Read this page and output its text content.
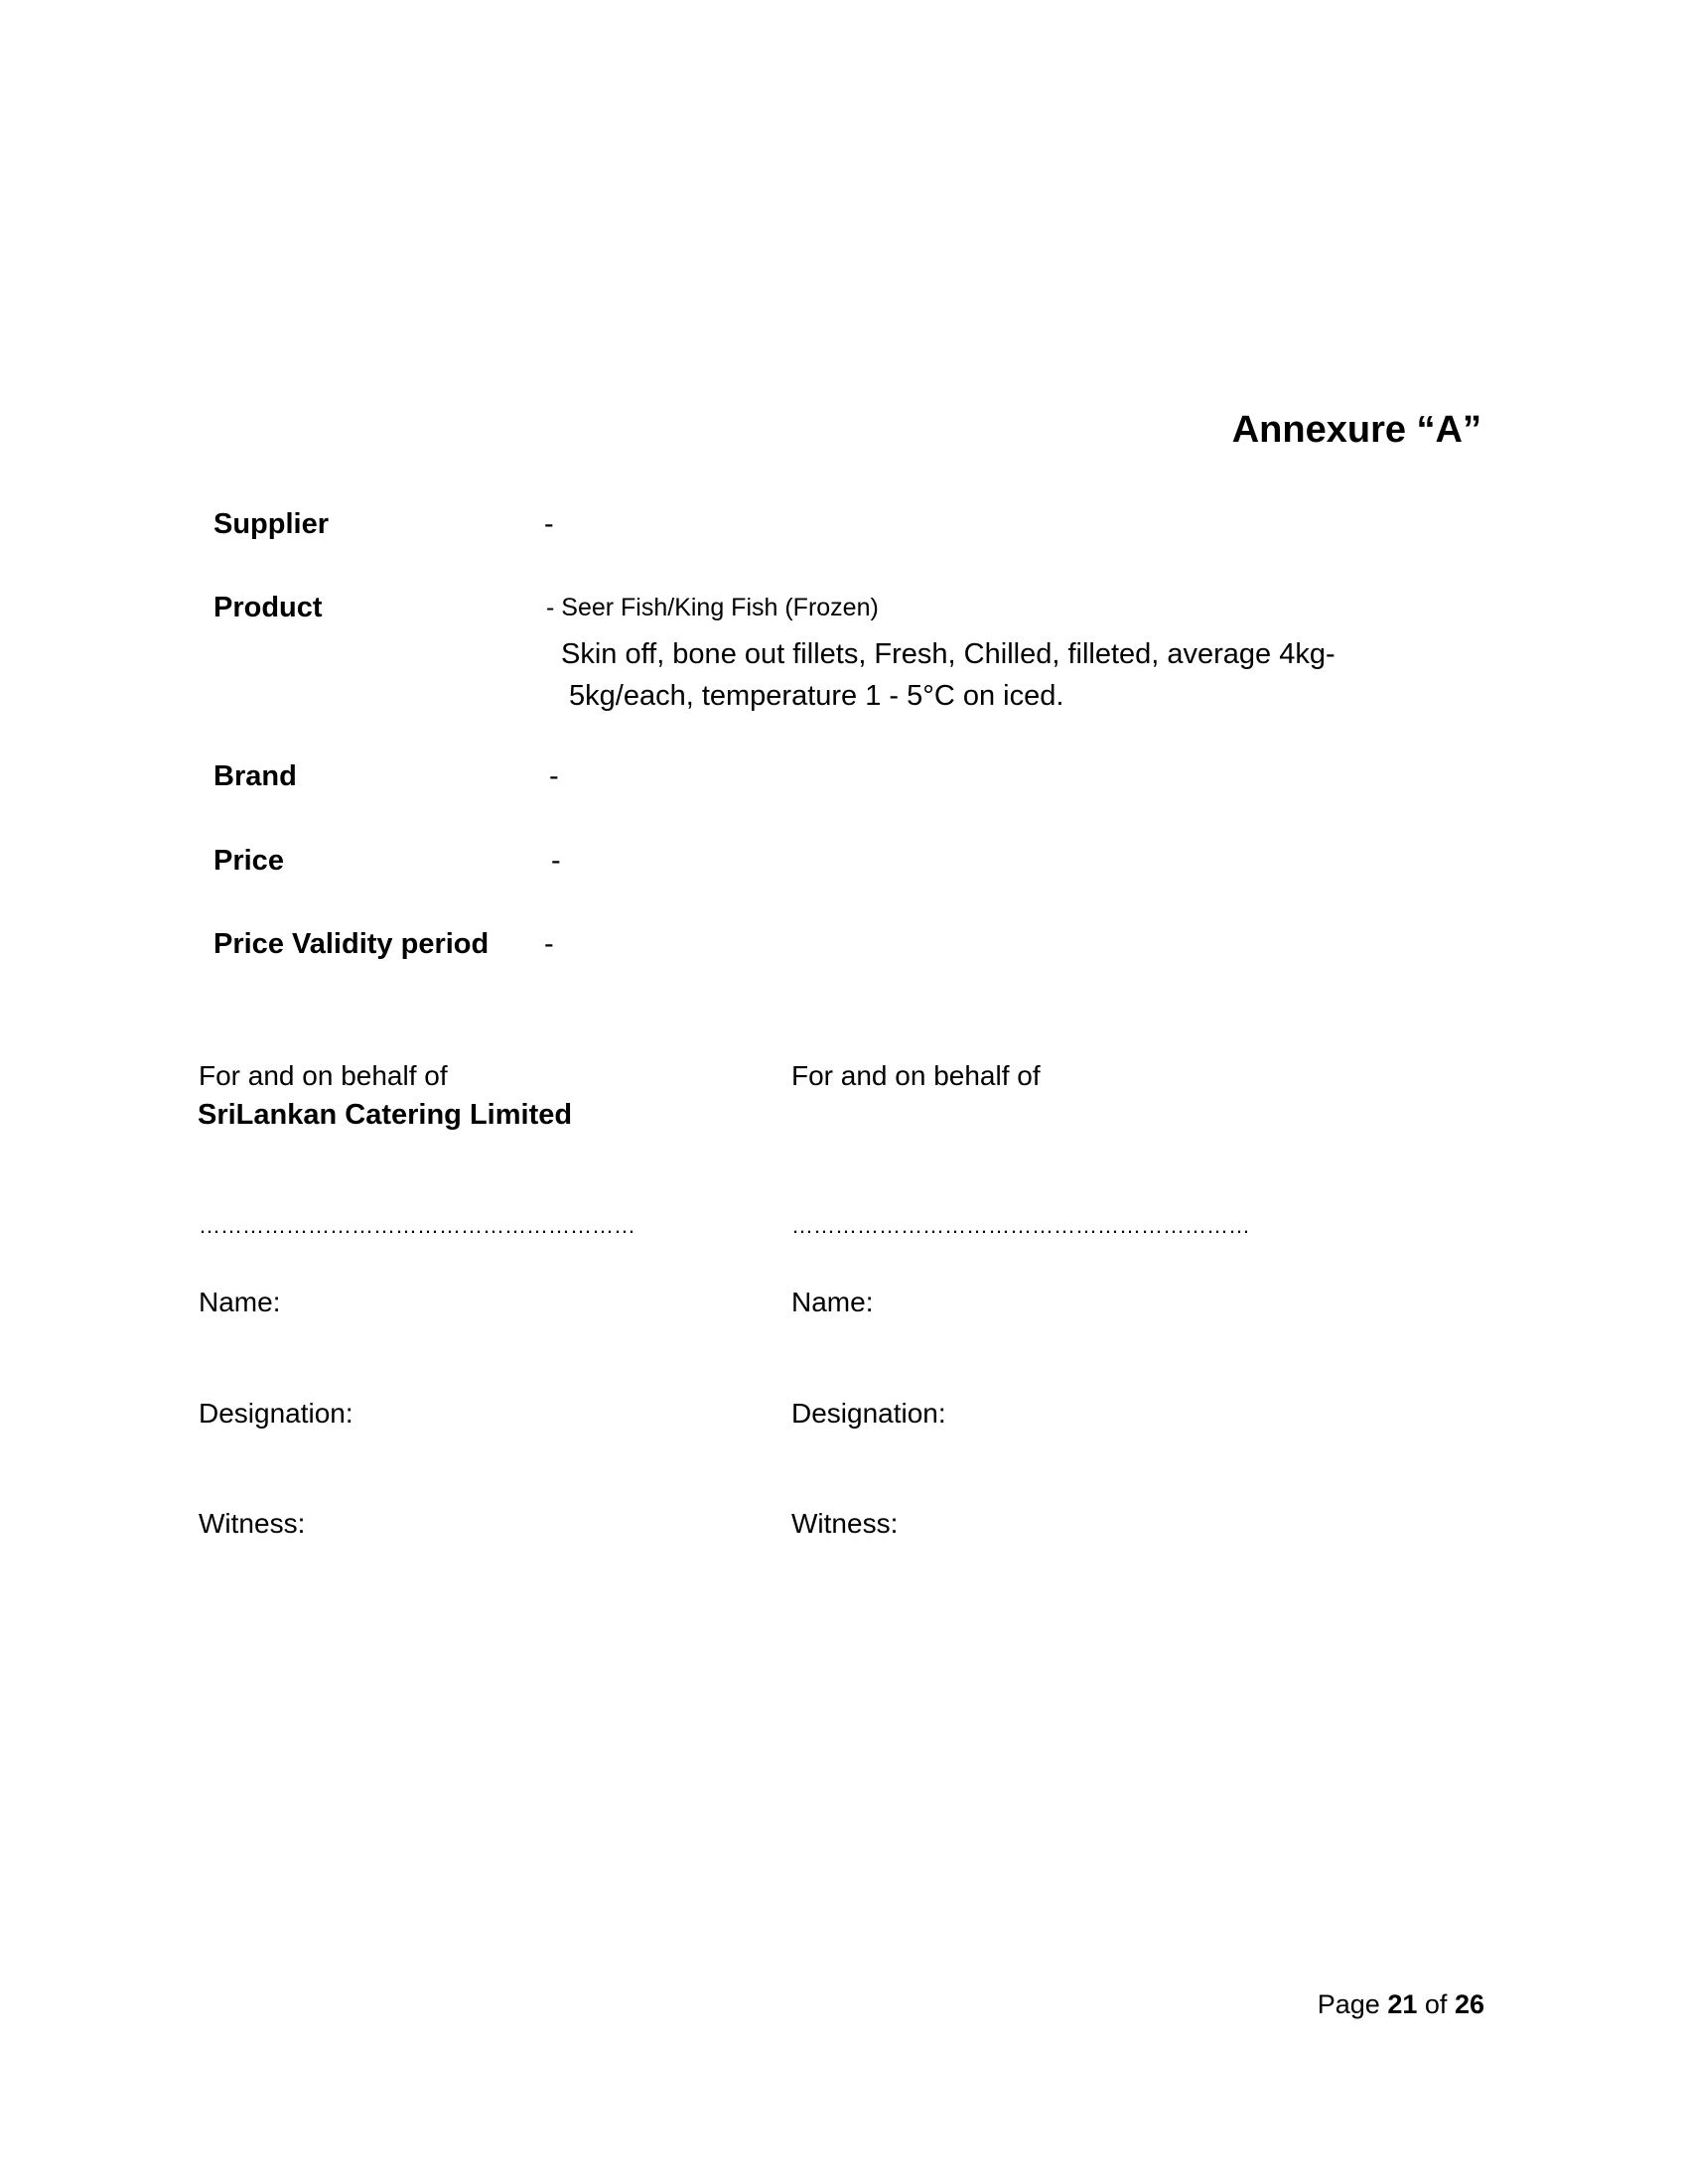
Annexure “A”
Supplier	-
Product	- Seer Fish/King Fish (Frozen)
Skin off, bone out fillets, Fresh, Chilled, filleted, average 4kg-
5kg/each, temperature 1 - 5°C on iced.
Brand	-
Price	-
Price Validity period -
For and on behalf of
SriLankan Catering Limited
……………………………………………………
Name:
Designation:
Witness:
For and on behalf of
………………………………………………………
Name:
Designation:
Witness:
Page 21 of 26
